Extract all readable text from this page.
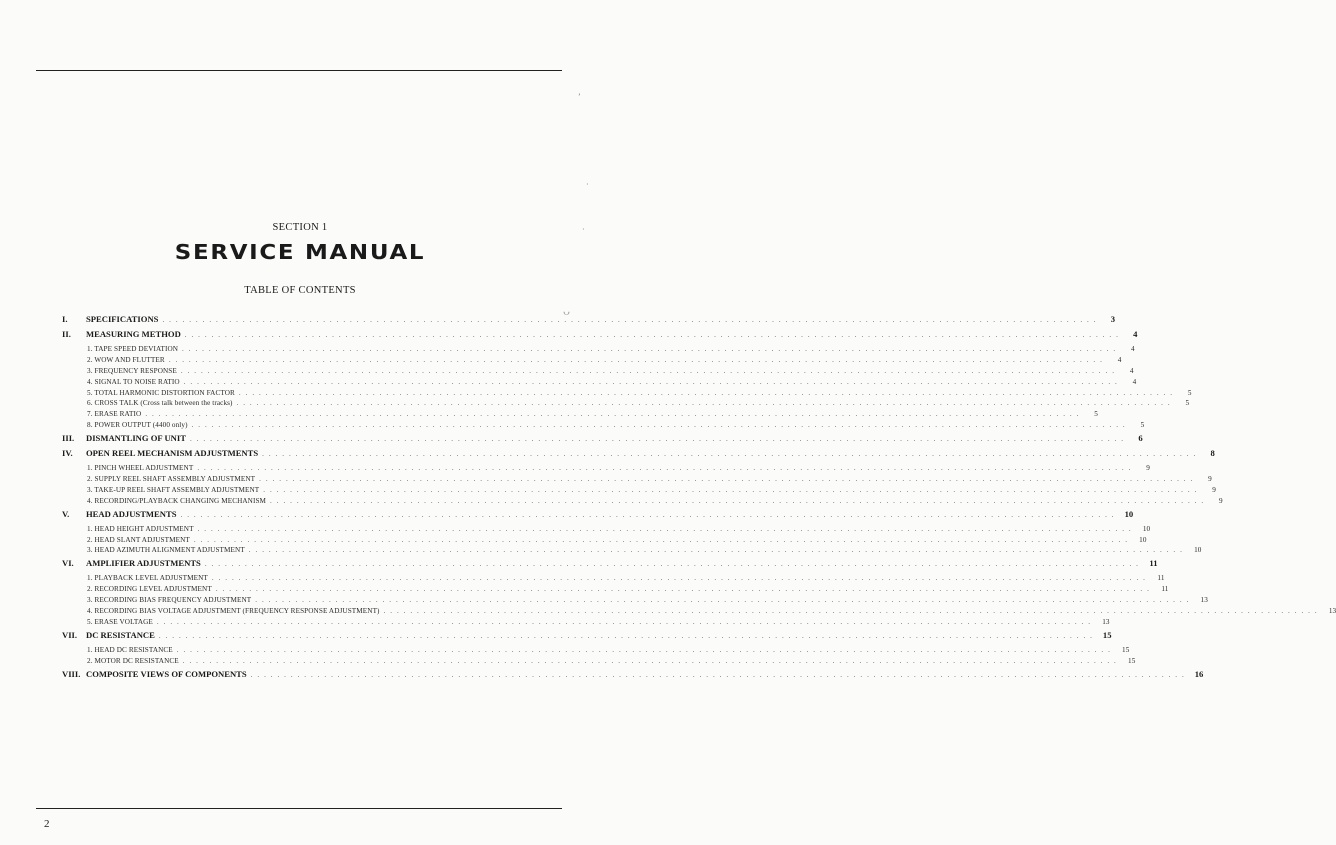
SECTION 1
SERVICE MANUAL
TABLE OF CONTENTS
I.	SPECIFICATIONS . . . . . . . . . . . . . . . . . . . . . . . . . . . . . . . . . . . . . . . . . . . . . . . . . . . . . . . . . . . . . . . . . . . . . . . . . . . . . . . . . . . . . . . . . . . . . . . . . . . . . . . . . . . . . . . . . . . . . . . . . . . . . . . . . . . . . . . . . . . .	3
II.	MEASURING METHOD . . . . . . . . . . . . . . . . . . . . . . . . . . . . . . . . . . . . . . . . . . . . . . . . . . . . . . . . . . . . . . . . . . . . . . . . . . . . . . . . . . . . . . . . . . . . . . . . . . . . . . . . . . . . . . . . . . . . . . . . . . . . . . . . . . . . . . . . . . . .	4
1. TAPE SPEED DEVIATION . . . . . . . . . . . . . . . . . . . . . . . . . . . . . . . . . . . . . . . . . . . . . . . . . . . . . . . . . . . . . . . . . . . . . . . . . . . . . . . . . . . . . . . . . . . . . . . . . . . . . . . . . . . . . . . . . . . . . . . . . . . . . . . . . . . . . . . . . . . .	4
2. WOW AND FLUTTER . . . . . . . . . . . . . . . . . . . . . . . . . . . . . . . . . . . . . . . . . . . . . . . . . . . . . . . . . . . . . . . . . . . . . . . . . . . . . . . . . . . . . . . . . . . . . . . . . . . . . . . . . . . . . . . . . . . . . . . . . . . . . . . . . . . . . . . . . . . .	4
3. FREQUENCY RESPONSE . . . . . . . . . . . . . . . . . . . . . . . . . . . . . . . . . . . . . . . . . . . . . . . . . . . . . . . . . . . . . . . . . . . . . . . . . . . . . . . . . . . . . . . . . . . . . . . . . . . . . . . . . . . . . . . . . . . . . . . . . . . . . . . . . . . . . . . . . . . .	4
4. SIGNAL TO NOISE RATIO . . . . . . . . . . . . . . . . . . . . . . . . . . . . . . . . . . . . . . . . . . . . . . . . . . . . . . . . . . . . . . . . . . . . . . . . . . . . . . . . . . . . . . . . . . . . . . . . . . . . . . . . . . . . . . . . . . . . . . . . . . . . . . . . . . . . . . . . . . . .	4
5. TOTAL HARMONIC DISTORTION FACTOR . . . . . . . . . . . . . . . . . . . . . . . . . . . . . . . . . . . . . . . . . . . . . . . . . . . . . . . . . . . . . . . . . . . . . . . . . . . . . . . . . . . . . . . . . . . . . . . . . . . . . . . . . . . . . . . . . . . . . . . . . . . . . . . . . . . . . . . . . . . .	5
6. CROSS TALK (Cross talk between the tracks) . . . . . . . . . . . . . . . . . . . . . . . . . . . . . . . . . . . . . . . . . . . . . . . . . . . . . . . . . . . . . . . . . . . . . . . . . . . . . . . . . . . . . . . . . . . . . . . . . . . . . . . . . . . . . . . . . . . . . . . . . . . . . . . . . . . . . . . . . . . .	5
7. ERASE RATIO . . . . . . . . . . . . . . . . . . . . . . . . . . . . . . . . . . . . . . . . . . . . . . . . . . . . . . . . . . . . . . . . . . . . . . . . . . . . . . . . . . . . . . . . . . . . . . . . . . . . . . . . . . . . . . . . . . . . . . . . . . . . . . . . . . . . . . . . . . . .	5
8. POWER OUTPUT (4400 only) . . . . . . . . . . . . . . . . . . . . . . . . . . . . . . . . . . . . . . . . . . . . . . . . . . . . . . . . . . . . . . . . . . . . . . . . . . . . . . . . . . . . . . . . . . . . . . . . . . . . . . . . . . . . . . . . . . . . . . . . . . . . . . . . . . . . . . . . . . . .	5
III.	DISMANTLING OF UNIT . . . . . . . . . . . . . . . . . . . . . . . . . . . . . . . . . . . . . . . . . . . . . . . . . . . . . . . . . . . . . . . . . . . . . . . . . . . . . . . . . . . . . . . . . . . . . . . . . . . . . . . . . . . . . . . . . . . . . . . . . . . . . . . . . . . . . . . . . . . .	6
IV.	OPEN REEL MECHANISM ADJUSTMENTS . . . . . . . . . . . . . . . . . . . . . . . . . . . . . . . . . . . . . . . . . . . . . . . . . . . . . . . . . . . . . . . . . . . . . . . . . . . . . . . . . . . . . . . . . . . . . . . . . . . . . . . . . . . . . . . . . . . . . . . . . . . . . . . . . . . . . . . . . . . .	8
1. PINCH WHEEL ADJUSTMENT . . . . . . . . . . . . . . . . . . . . . . . . . . . . . . . . . . . . . . . . . . . . . . . . . . . . . . . . . . . . . . . . . . . . . . . . . . . . . . . . . . . . . . . . . . . . . . . . . . . . . . . . . . . . . . . . . . . . . . . . . . . . . . . . . . . . . . . . . . . .	9
2. SUPPLY REEL SHAFT ASSEMBLY ADJUSTMENT . . . . . . . . . . . . . . . . . . . . . . . . . . . . . . . . . . . . . . . . . . . . . . . . . . . . . . . . . . . . . . . . . . . . . . . . . . . . . . . . . . . . . . . . . . . . . . . . . . . . . . . . . . . . . . . . . . . . . . . . . . . . . . . . . . . . . . . . . . . .	9
3. TAKE-UP REEL SHAFT ASSEMBLY ADJUSTMENT . . . . . . . . . . . . . . . . . . . . . . . . . . . . . . . . . . . . . . . . . . . . . . . . . . . . . . . . . . . . . . . . . . . . . . . . . . . . . . . . . . . . . . . . . . . . . . . . . . . . . . . . . . . . . . . . . . . . . . . . . . . . . . . . . . . . . . . . . . . .	9
4. RECORDING/PLAYBACK CHANGING MECHANISM . . . . . . . . . . . . . . . . . . . . . . . . . . . . . . . . . . . . . . . . . . . . . . . . . . . . . . . . . . . . . . . . . . . . . . . . . . . . . . . . . . . . . . . . . . . . . . . . . . . . . . . . . . . . . . . . . . . . . . . . . . . . . . . . . . . . . . . . . . . .	9
V.	HEAD ADJUSTMENTS . . . . . . . . . . . . . . . . . . . . . . . . . . . . . . . . . . . . . . . . . . . . . . . . . . . . . . . . . . . . . . . . . . . . . . . . . . . . . . . . . . . . . . . . . . . . . . . . . . . . . . . . . . . . . . . . . . . . . . . . . . . . . . . . . . . . . . . . . . . .	10
1. HEAD HEIGHT ADJUSTMENT . . . . . . . . . . . . . . . . . . . . . . . . . . . . . . . . . . . . . . . . . . . . . . . . . . . . . . . . . . . . . . . . . . . . . . . . . . . . . . . . . . . . . . . . . . . . . . . . . . . . . . . . . . . . . . . . . . . . . . . . . . . . . . . . . . . . . . . . . . . .	10
2. HEAD SLANT ADJUSTMENT . . . . . . . . . . . . . . . . . . . . . . . . . . . . . . . . . . . . . . . . . . . . . . . . . . . . . . . . . . . . . . . . . . . . . . . . . . . . . . . . . . . . . . . . . . . . . . . . . . . . . . . . . . . . . . . . . . . . . . . . . . . . . . . . . . . . . . . . . . . .	10
3. HEAD AZIMUTH ALIGNMENT ADJUSTMENT . . . . . . . . . . . . . . . . . . . . . . . . . . . . . . . . . . . . . . . . . . . . . . . . . . . . . . . . . . . . . . . . . . . . . . . . . . . . . . . . . . . . . . . . . . . . . . . . . . . . . . . . . . . . . . . . . . . . . . . . . . . . . . . . . . . . . . . . . . . .	10
VI.	AMPLIFIER ADJUSTMENTS . . . . . . . . . . . . . . . . . . . . . . . . . . . . . . . . . . . . . . . . . . . . . . . . . . . . . . . . . . . . . . . . . . . . . . . . . . . . . . . . . . . . . . . . . . . . . . . . . . . . . . . . . . . . . . . . . . . . . . . . . . . . . . . . . . . . . . . . . . . .	11
1. PLAYBACK LEVEL ADJUSTMENT . . . . . . . . . . . . . . . . . . . . . . . . . . . . . . . . . . . . . . . . . . . . . . . . . . . . . . . . . . . . . . . . . . . . . . . . . . . . . . . . . . . . . . . . . . . . . . . . . . . . . . . . . . . . . . . . . . . . . . . . . . . . . . . . . . . . . . . . . . . .	11
2. RECORDING LEVEL ADJUSTMENT . . . . . . . . . . . . . . . . . . . . . . . . . . . . . . . . . . . . . . . . . . . . . . . . . . . . . . . . . . . . . . . . . . . . . . . . . . . . . . . . . . . . . . . . . . . . . . . . . . . . . . . . . . . . . . . . . . . . . . . . . . . . . . . . . . . . . . . . . . . .	11
3. RECORDING BIAS FREQUENCY ADJUSTMENT . . . . . . . . . . . . . . . . . . . . . . . . . . . . . . . . . . . . . . . . . . . . . . . . . . . . . . . . . . . . . . . . . . . . . . . . . . . . . . . . . . . . . . . . . . . . . . . . . . . . . . . . . . . . . . . . . . . . . . . . . . . . . . . . . . . . . . . . . . . .	13
4. RECORDING BIAS VOLTAGE ADJUSTMENT (FREQUENCY RESPONSE ADJUSTMENT) . . . . . . . . . . . . . . . . . . . . . . . . . . . . . . . . . . . . . . . . . . . . . . . . . . . . . . . . . . . . . . . . . . . . . . . . . . . . . . . . . . . . . . . . . . . . . . . . . . . . . . . . . . . . . . . . . . . . . . . . . . . . . . . . . . . . . . . . . . . .	13
5. ERASE VOLTAGE . . . . . . . . . . . . . . . . . . . . . . . . . . . . . . . . . . . . . . . . . . . . . . . . . . . . . . . . . . . . . . . . . . . . . . . . . . . . . . . . . . . . . . . . . . . . . . . . . . . . . . . . . . . . . . . . . . . . . . . . . . . . . . . . . . . . . . . . . . . .	13
VII.	DC RESISTANCE . . . . . . . . . . . . . . . . . . . . . . . . . . . . . . . . . . . . . . . . . . . . . . . . . . . . . . . . . . . . . . . . . . . . . . . . . . . . . . . . . . . . . . . . . . . . . . . . . . . . . . . . . . . . . . . . . . . . . . . . . . . . . . . . . . . . . . . . . . . .	15
1. HEAD DC RESISTANCE . . . . . . . . . . . . . . . . . . . . . . . . . . . . . . . . . . . . . . . . . . . . . . . . . . . . . . . . . . . . . . . . . . . . . . . . . . . . . . . . . . . . . . . . . . . . . . . . . . . . . . . . . . . . . . . . . . . . . . . . . . . . . . . . . . . . . . . . . . . .	15
2. MOTOR DC RESISTANCE . . . . . . . . . . . . . . . . . . . . . . . . . . . . . . . . . . . . . . . . . . . . . . . . . . . . . . . . . . . . . . . . . . . . . . . . . . . . . . . . . . . . . . . . . . . . . . . . . . . . . . . . . . . . . . . . . . . . . . . . . . . . . . . . . . . . . . . . . . . .	15
VIII. COMPOSITE VIEWS OF COMPONENTS . . . . . . . . . . . . . . . . . . . . . . . . . . . . . . . . . . . . . . . . . . . . . . . . . . . . . . . . . . . . . . . . . . . . . . . . . . . . . . . . . . . . . . . . . . . . . . . . . . . . . . . . . . . . . . . . . . . . . . . . . . . . . . . . . . . . . . . . . . . .	16
2
ʼ
ᴗ
·
·
